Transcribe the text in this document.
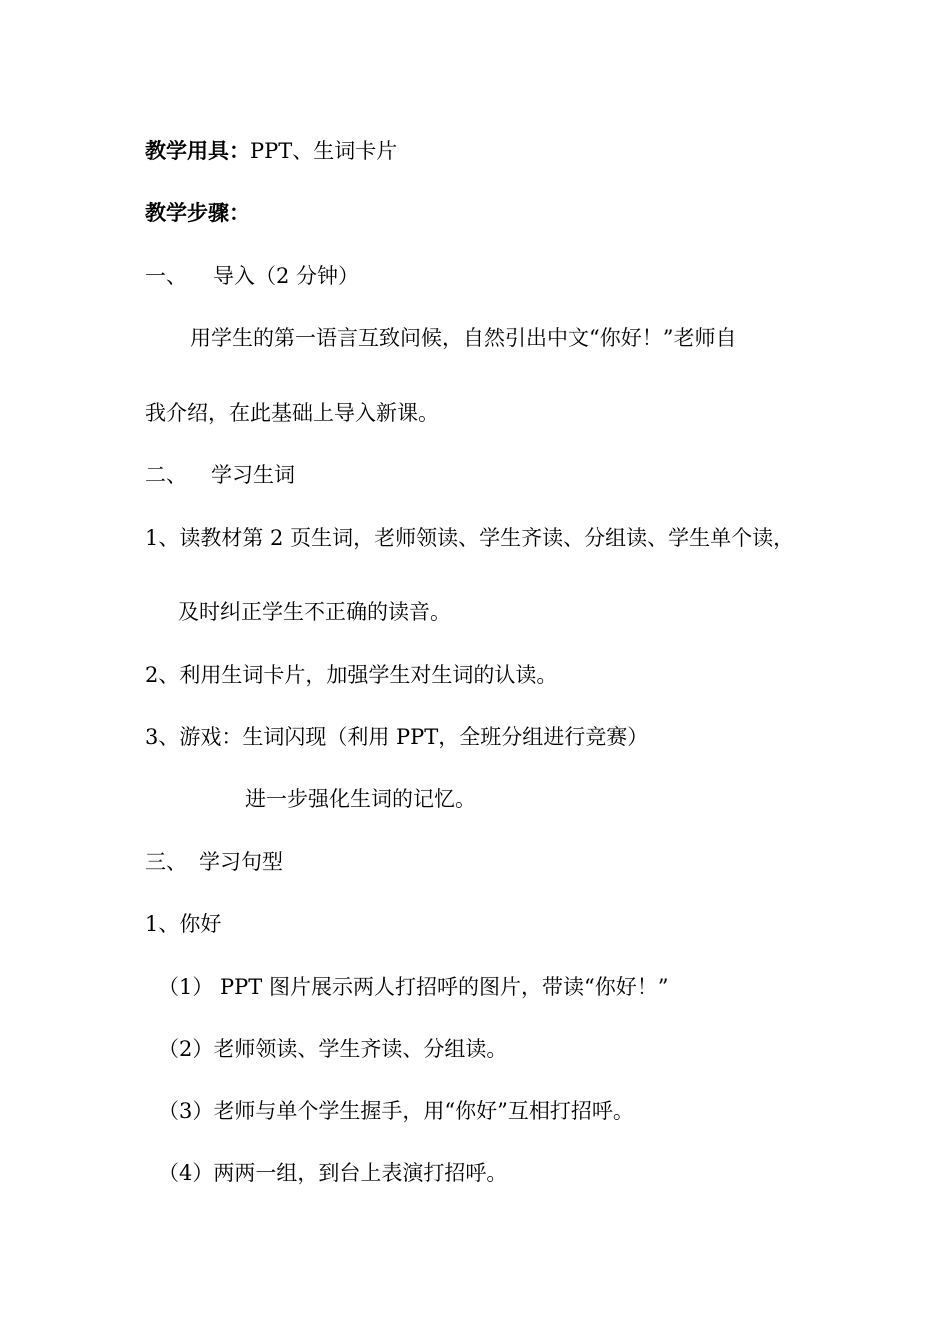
教学用具：PPT、生词卡片

教学步骤：

一、 导入（2 分钟）

用学生的第一语言互致问候，自然引出中文“你好！”老师自

我介绍，在此基础上导入新课。

二、 学习生词

1、读教材第 2 页生词，老师领读、学生齐读、分组读、学生单个读，

及时纠正学生不正确的读音。

2、利用生词卡片，加强学生对生词的认读。

3、游戏：生词闪现（利用 PPT，全班分组进行竞赛）

进一步强化生词的记忆。

三、 学习句型

1、你好

（1） PPT 图片展示两人打招呼的图片，带读“你好！”

（2）老师领读、学生齐读、分组读。

（3）老师与单个学生握手，用“你好”互相打招呼。

（4）两两一组，到台上表演打招呼。
